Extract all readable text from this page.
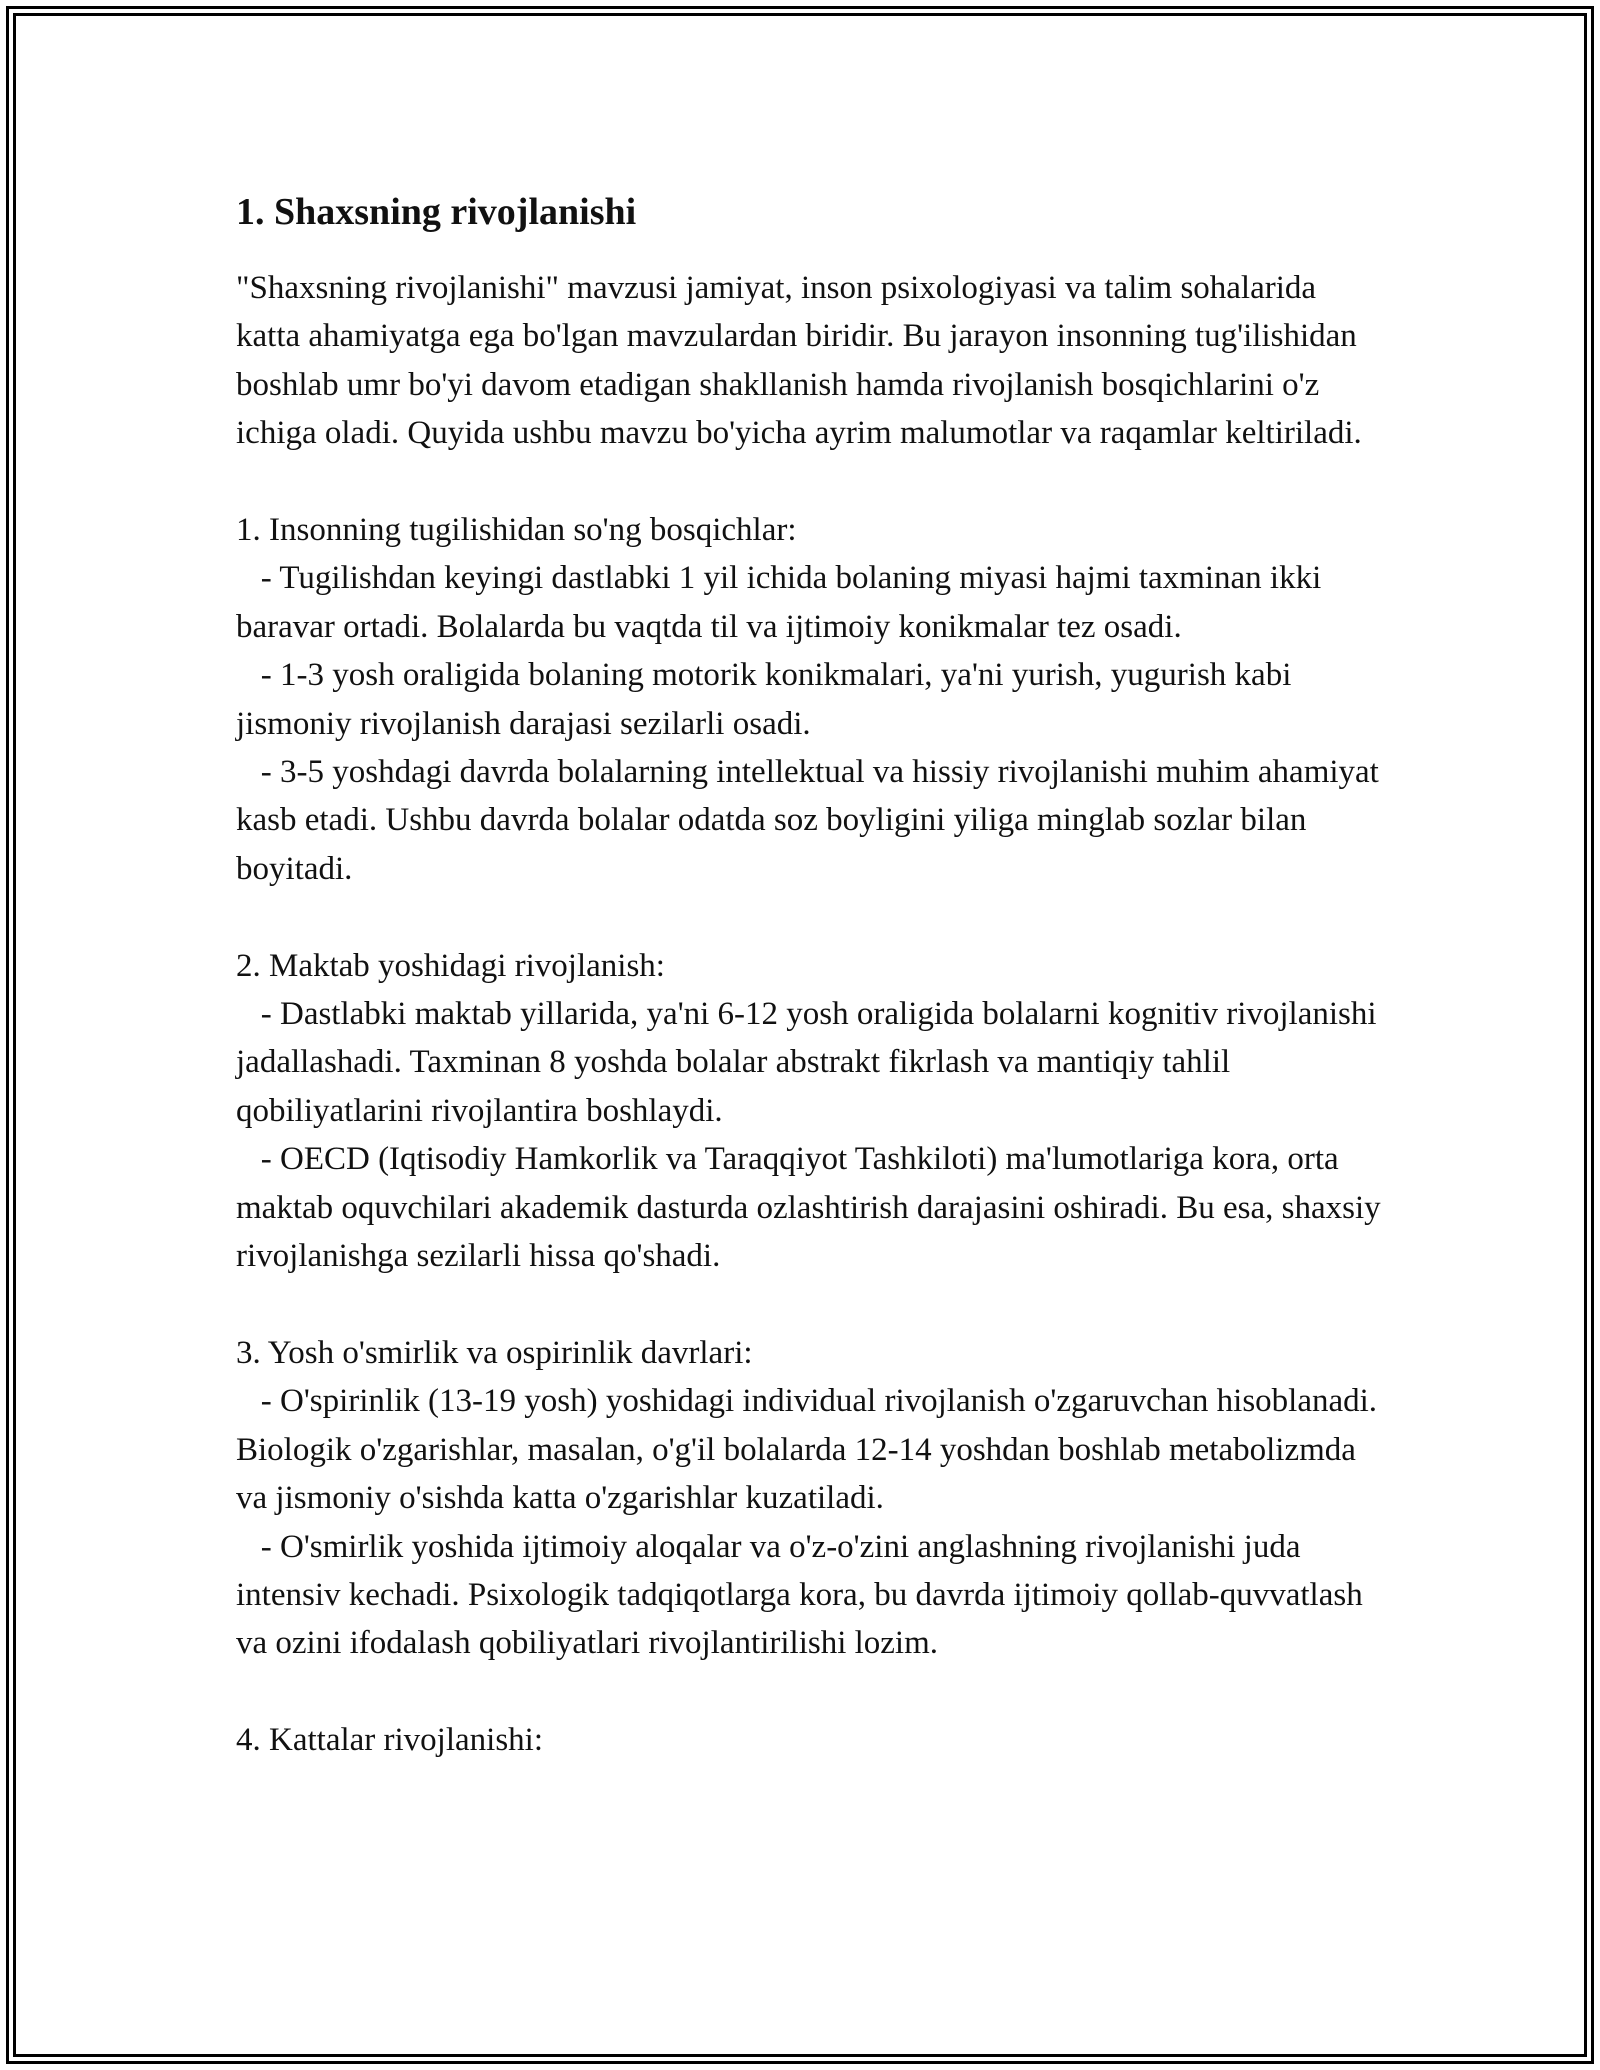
1. Shaxsning rivojlanishi

"Shaxsning rivojlanishi" mavzusi jamiyat, inson psixologiyasi va talim sohalarida katta ahamiyatga ega bo'lgan mavzulardan biridir. Bu jarayon insonning tug'ilishidan boshlab umr bo'yi davom etadigan shakllanish hamda rivojlanish bosqichlarini o'z ichiga oladi. Quyida ushbu mavzu bo'yicha ayrim malumotlar va raqamlar keltiriladi.

1. Insonning tugilishidan so'ng bosqichlar:

- Tugilishdan keyingi dastlabki 1 yil ichida bolaning miyasi hajmi taxminan ikki baravar ortadi. Bolalarda bu vaqtda til va ijtimoiy konikmalar tez osadi.

- 1-3 yosh oraligida bolaning motorik konikmalari, ya'ni yurish, yugurish kabi jismoniy rivojlanish darajasi sezilarli osadi.

- 3-5 yoshdagi davrda bolalarning intellektual va hissiy rivojlanishi muhim ahamiyat kasb etadi. Ushbu davrda bolalar odatda soz boyligini yiliga minglab sozlar bilan boyitadi.

2. Maktab yoshidagi rivojlanish:

- Dastlabki maktab yillarida, ya'ni 6-12 yosh oraligida bolalarni kognitiv rivojlanishi jadallashadi. Taxminan 8 yoshda bolalar abstrakt fikrlash va mantiqiy tahlil qobiliyatlarini rivojlantira boshlaydi.

- OECD (Iqtisodiy Hamkorlik va Taraqqiyot Tashkiloti) ma'lumotlariga kora, orta maktab oquvchilari akademik dasturda ozlashtirish darajasini oshiradi. Bu esa, shaxsiy rivojlanishga sezilarli hissa qo'shadi.

3. Yosh o'smirlik va ospirinlik davrlari:

- O'spirinlik (13-19 yosh) yoshidagi individual rivojlanish o'zgaruvchan hisoblanadi. Biologik o'zgarishlar, masalan, o'g'il bolalarda 12-14 yoshdan boshlab metabolizmda va jismoniy o'sishda katta o'zgarishlar kuzatiladi.

- O'smirlik yoshida ijtimoiy aloqalar va o'z-o'zini anglashning rivojlanishi juda intensiv kechadi. Psixologik tadqiqotlarga kora, bu davrda ijtimoiy qollab-quvvatlash va ozini ifodalash qobiliyatlari rivojlantirilishi lozim.

4. Kattalar rivojlanishi:
